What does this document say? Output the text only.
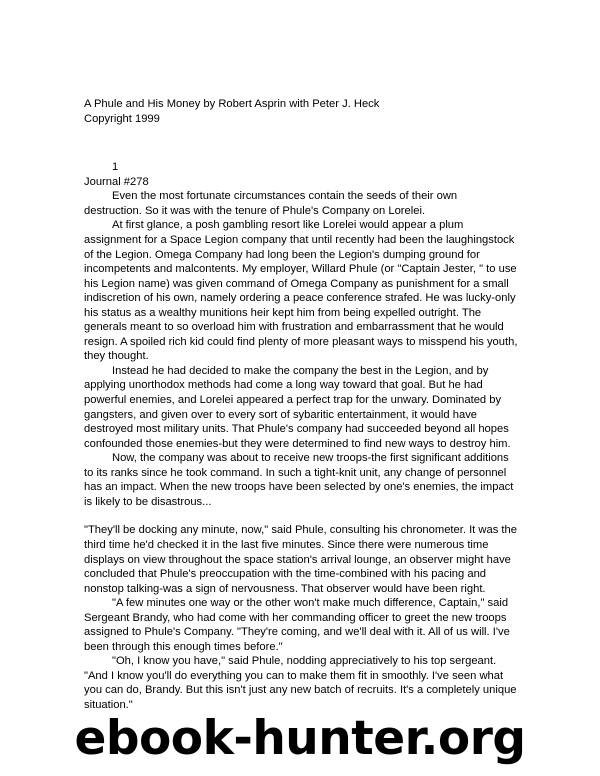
A Phule and His Money by Robert Asprin with Peter J. Heck
Copyright 1999
1
Journal #278

Even the most fortunate circumstances contain the seeds of their own destruction. So it was with the tenure of Phule's Company on Lorelei.

At first glance, a posh gambling resort like Lorelei would appear a plum assignment for a Space Legion company that until recently had been the laughingstock of the Legion. Omega Company had long been the Legion's dumping ground for incompetents and malcontents. My employer, Willard Phule (or "Captain Jester, " to use his Legion name) was given command of Omega Company as punishment for a small indiscretion of his own, namely ordering a peace conference strafed. He was lucky-only his status as a wealthy munitions heir kept him from being expelled outright. The generals meant to so overload him with frustration and embarrassment that he would resign. A spoiled rich kid could find plenty of more pleasant ways to misspend his youth, they thought.

Instead he had decided to make the company the best in the Legion, and by applying unorthodox methods had come a long way toward that goal. But he had powerful enemies, and Lorelei appeared a perfect trap for the unwary. Dominated by gangsters, and given over to every sort of sybaritic entertainment, it would have destroyed most military units. That Phule's company had succeeded beyond all hopes confounded those enemies-but they were determined to find new ways to destroy him.

Now, the company was about to receive new troops-the first significant additions to its ranks since he took command. In such a tight-knit unit, any change of personnel has an impact. When the new troops have been selected by one's enemies, the impact is likely to be disastrous...

"They'll be docking any minute, now," said Phule, consulting his chronometer. It was the third time he'd checked it in the last five minutes. Since there were numerous time displays on view throughout the space station's arrival lounge, an observer might have concluded that Phule's preoccupation with the time-combined with his pacing and nonstop talking-was a sign of nervousness. That observer would have been right.

"A few minutes one way or the other won't make much difference, Captain," said Sergeant Brandy, who had come with her commanding officer to greet the new troops assigned to Phule's Company. "They're coming, and we'll deal with it. All of us will. I've been through this enough times before."

"Oh, I know you have," said Phule, nodding appreciatively to his top sergeant. "And I know you'll do everything you can to make them fit in smoothly. I've seen what you can do, Brandy. But this isn't just any new batch of recruits. It's a completely unique situation."

ebook-hunter.org
